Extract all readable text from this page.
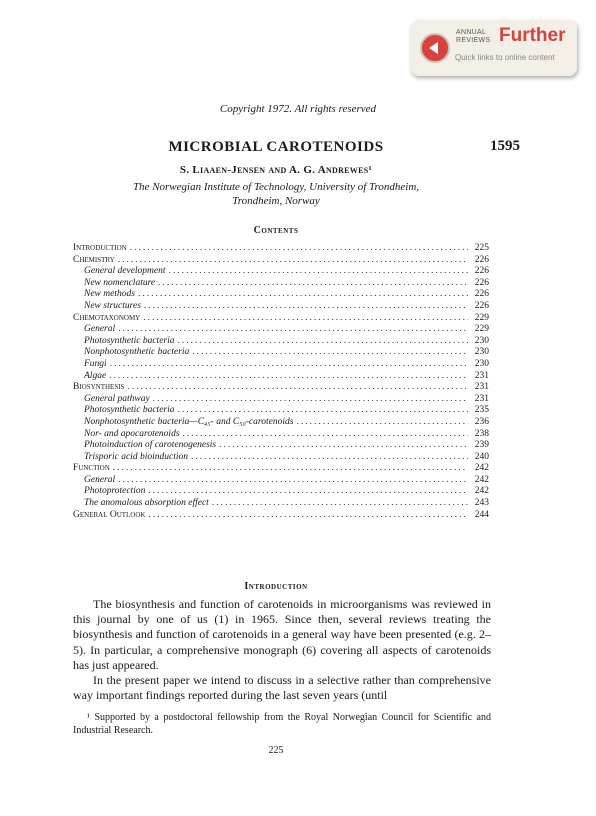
ANNUAL
REVIEWS Further
Quick links to online content
Copyright 1972. All rights reserved
MICROBIAL CAROTENOIDS	1595
S. Liaaen-Jensen and A. G. Andrewes¹
The Norwegian Institute of Technology, University of Trondheim,
Trondheim, Norway
Contents
Introduction .....	225
Chemistry .....	226
General development .....	226
New nomenclature .....	226
New methods .....	226
New structures .....	226
Chemotaxonomy .....	229
General .....	229
Photosynthetic bacteria .....	230
Nonphotosynthetic bacteria .....	230
Fungi .....	230
Algae .....	231
Biosynthesis .....	231
General pathway .....	231
Photosynthetic bacteria .....	235
Nonphotosynthetic bacteria—C₄₅- and C₅₀-carotenoids .....	236
Nor- and apocarotenoids .....	238
Photoinduction of carotenogenesis .....	239
Trisporic acid bioinduction .....	240
Function .....	242
General .....	242
Photoprotection .....	242
The anomalous absorption effect .....	243
General Outlook .....	244
Introduction

The biosynthesis and function of carotenoids in microorganisms was reviewed in this journal by one of us (1) in 1965. Since then, several reviews treating the biosynthesis and function of carotenoids in a general way have been presented (e.g. 2–5). In particular, a comprehensive monograph (6) covering all aspects of carotenoids has just appeared.

In the present paper we intend to discuss in a selective rather than comprehensive way important findings reported during the last seven years (until

¹ Supported by a postdoctoral fellowship from the Royal Norwegian Council for Scientific and Industrial Research.

225
